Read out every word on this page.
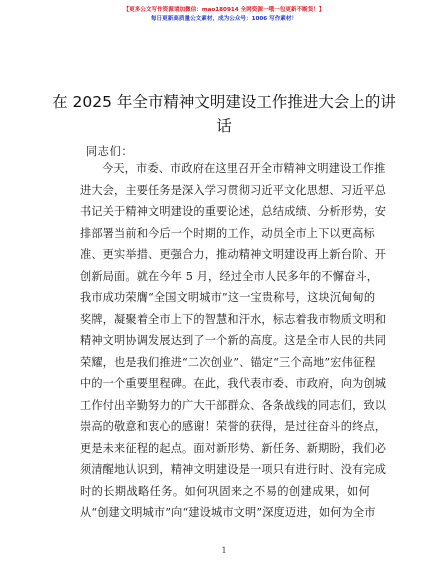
【更多公文写作资源请加微信：mao180914 全网资源一哦一包更新不断货！】
每日更新高质量公文素材，成为公众号：1006 写作素材！
在 2025 年全市精神文明建设工作推进大会上的讲话
同志们：
今天，市委、市政府在这里召开全市精神文明建设工作推
进大会，主要任务是深入学习贯彻习近平文化思想、习近平总
书记关于精神文明建设的重要论述，总结成绩、分析形势，安
排部署当前和今后一个时期的工作，动员全市上下以更高标
准、更实举措、更强合力，推动精神文明建设再上新台阶、开
创新局面。就在今年 5 月，经过全市人民多年的不懈奋斗，
我市成功荣膺“全国文明城市”这一宝贵称号，这块沉甸甸的
奖牌，凝聚着全市上下的智慧和汗水，标志着我市物质文明和
精神文明协调发展达到了一个新的高度。这是全市人民的共同
荣耀，也是我们推进“二次创业”、锚定“三个高地”宏伟征程
中的一个重要里程碑。在此，我代表市委、市政府，向为创城
工作付出辛勤努力的广大干部群众、各条战线的同志们，致以
崇高的敬意和衷心的感谢！荣誉的获得，是过往奋斗的终点，
更是未来征程的起点。面对新形势、新任务、新期盼，我们必
须清醒地认识到，精神文明建设是一项只有进行时、没有完成
时的长期战略任务。如何巩固来之不易的创建成果，如何
从“创建文明城市”向“建设城市文明”深度迈进，如何为全市
1
